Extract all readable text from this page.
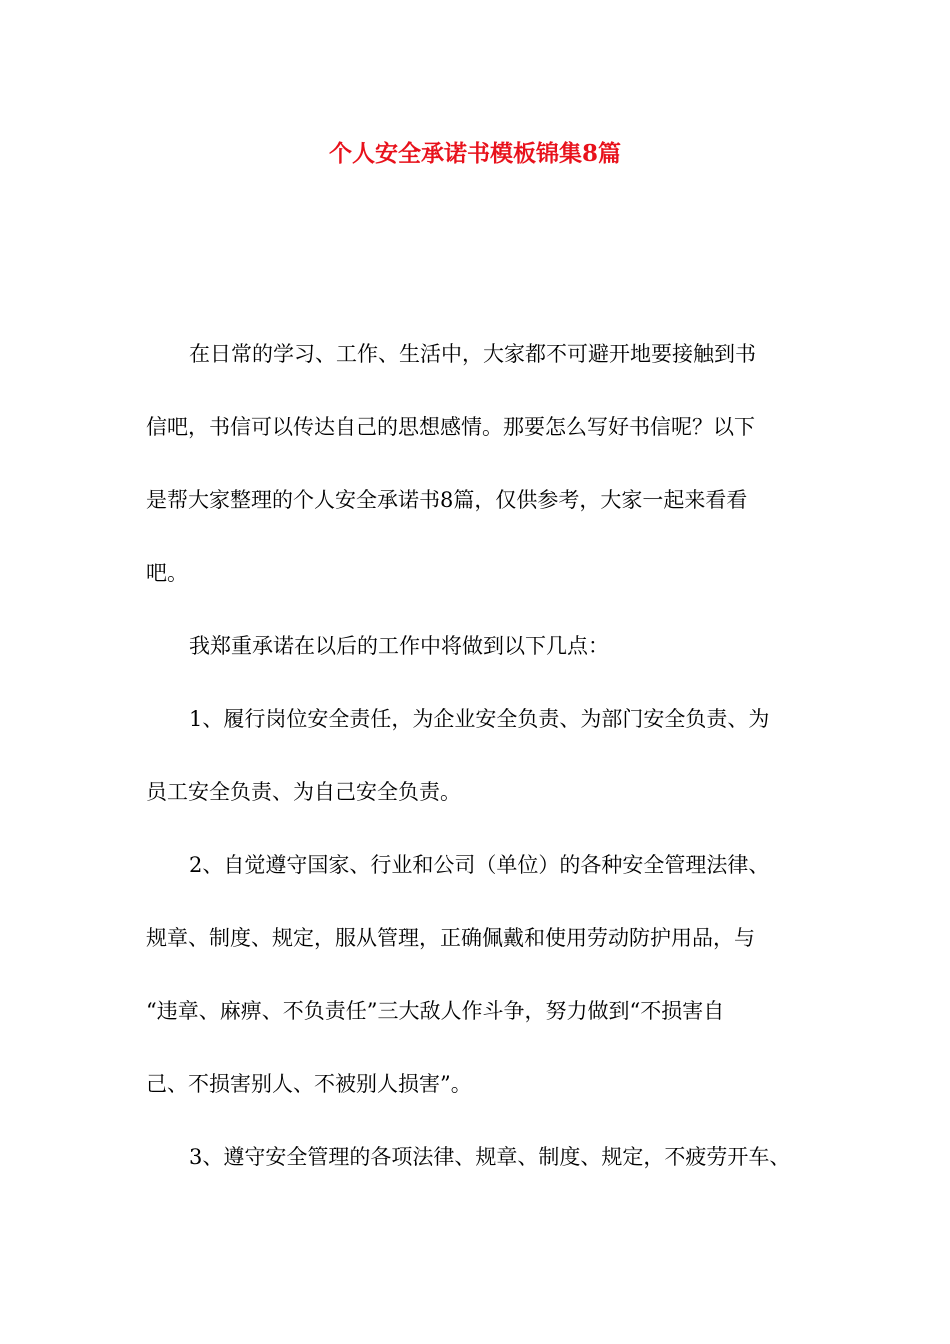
个人安全承诺书模板锦集8篇
在日常的学习、工作、生活中，大家都不可避开地要接触到书
信吧，书信可以传达自己的思想感情。那要怎么写好书信呢？以下
是帮大家整理的个人安全承诺书8篇，仅供参考，大家一起来看看
吧。
我郑重承诺在以后的工作中将做到以下几点：
1、履行岗位安全责任，为企业安全负责、为部门安全负责、为
员工安全负责、为自己安全负责。
2、自觉遵守国家、行业和公司（单位）的各种安全管理法律、
规章、制度、规定，服从管理，正确佩戴和使用劳动防护用品，与
“违章、麻痹、不负责任”三大敌人作斗争，努力做到“不损害自
己、不损害别人、不被别人损害”。
3、遵守安全管理的各项法律、规章、制度、规定，不疲劳开车、
